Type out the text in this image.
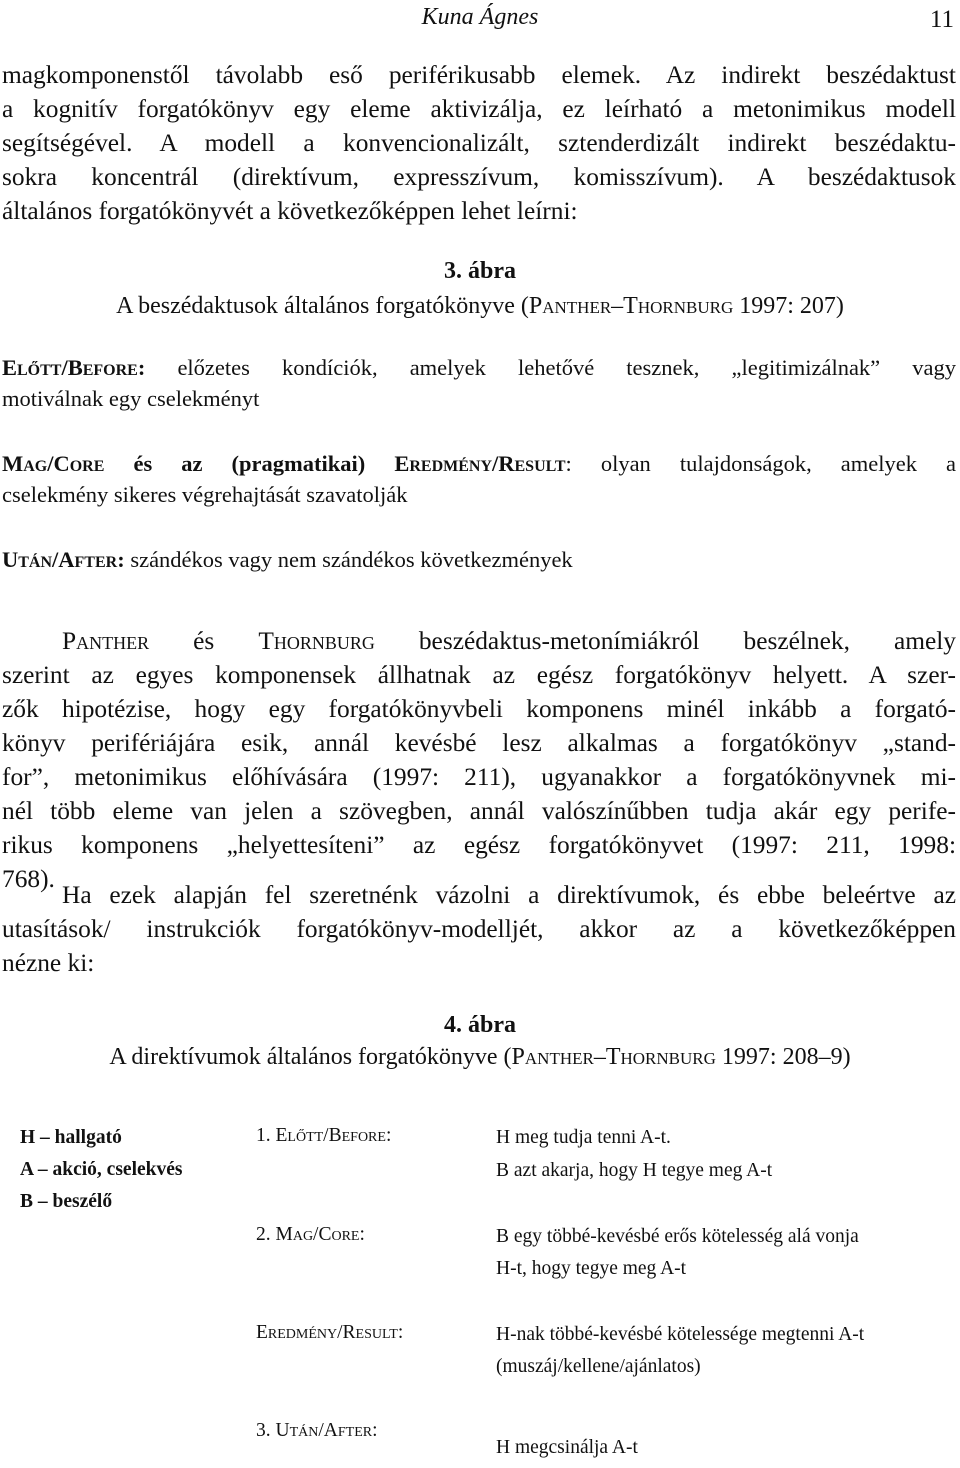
Kuna Ágnes	11
magkomponenstől távolabb eső periférikusabb elemek. Az indirekt beszédaktust
a kognitív forgatókönyv egy eleme aktivizálja, ez leírható a metonimikus modell
segítségével. A modell a konvencionalizált, sztenderdizált indirekt beszédaktu-
sokra koncentrál (direktívum, expresszívum, komisszívum). A beszédaktusok
általános forgatókönyvét a következőképpen lehet leírni:
3. ábra
A beszédaktusok általános forgatókönyve (Panther–Thornburg 1997: 207)
Előtt/Before: előzetes kondíciók, amelyek lehetővé tesznek, „legitimizálnak” vagy
motiválnak egy cselekményt
Mag/Core és az (pragmatikai) Eredmény/Result: olyan tulajdonságok, amelyek a
cselekmény sikeres végrehajtását szavatolják
Után/After: szándékos vagy nem szándékos következmények
Panther és Thornburg beszédaktus-metonímiákról beszélnek, amely
szerint az egyes komponensek állhatnak az egész forgatókönyv helyett. A szer-
zők hipotézise, hogy egy forgatókönyvbeli komponens minél inkább a forgató-
könyv perifériájára esik, annál kevésbé lesz alkalmas a forgatókönyv „stand-
for”, metonimikus előhívására (1997: 211), ugyanakkor a forgatókönyvnek mi-
nél több eleme van jelen a szövegben, annál valószínűbben tudja akár egy perife-
rikus komponens „helyettesíteni” az egész forgatókönyvet (1997: 211, 1998:
768).
Ha ezek alapján fel szeretnénk vázolni a direktívumok, és ebbe beleértve az
utasítások/ instrukciók forgatókönyv-modelljét, akkor az a következőképpen
nézne ki:
4. ábra
A direktívumok általános forgatókönyve (Panther–Thornburg 1997: 208–9)
H – hallgató
A – akció, cselekvés
B – beszélő
1. Előtt/Before:	H meg tudja tenni A-t.
B azt akarja, hogy H tegye meg A-t
2. Mag/Core:	B egy többé-kevésbé erős kötelesség alá vonja
H-t, hogy tegye meg A-t
Eredmény/Result:	H-nak többé-kevésbé kötelessége megtenni A-t
(muszáj/kellene/ajánlatos)
3. Után/After:
H megcsinálja A-t
